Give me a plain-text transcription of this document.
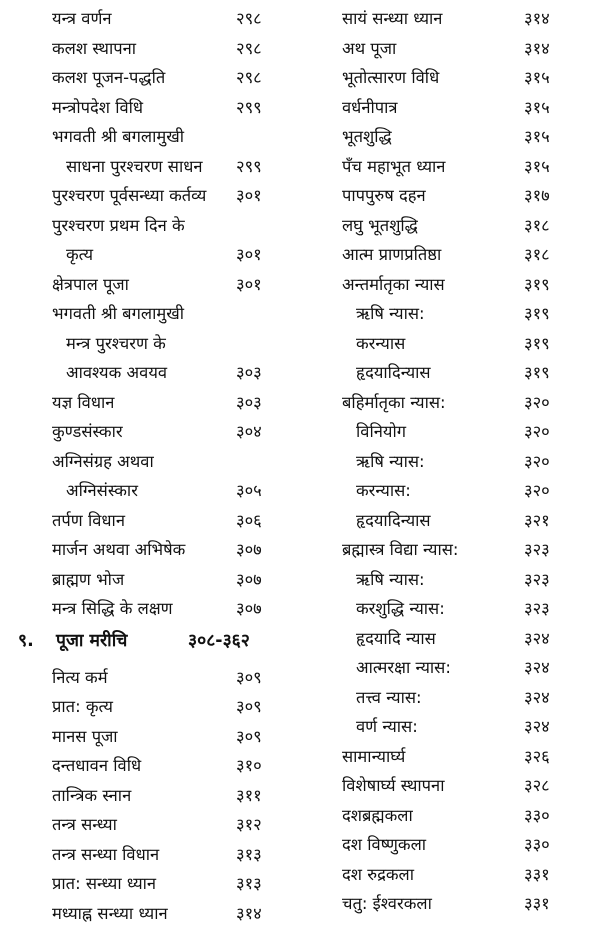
यन्त्र वर्णन	२९८
कलश स्थापना	२९८
कलश पूजन-पद्धति	२९८
मन्त्रोपदेश विधि	२९९
भगवती श्री बगलामुखी
साधना पुरश्चरण साधन २९९
पुरश्चरण पूर्वसन्ध्या कर्तव्य ३०१
पुरश्चरण प्रथम दिन के
कृत्य	३०१
क्षेत्रपाल पूजा	३०१
भगवती श्री बगलामुखी
मन्त्र पुरश्चरण के
आवश्यक अवयव	३०३
यज्ञ विधान	३०३
कुण्डसंस्कार	३०४
अग्निसंग्रह अथवा
अग्निसंस्कार	३०५
तर्पण विधान	३०६
मार्जन अथवा अभिषेक	३०७
ब्राह्मण भोज	३०७
मन्त्र सिद्धि के लक्षण	३०७
९. पूजा मरीचि	३०८-३६२
नित्य कर्म	३०९
प्रात: कृत्य	३०९
मानस पूजा	३०९
दन्तधावन विधि	३१०
तान्त्रिक स्नान	३११
तन्त्र सन्ध्या	३१२
तन्त्र सन्ध्या विधान	३१३
प्रात: सन्ध्या ध्यान	३१३
मध्याह्न सन्ध्या ध्यान	३१४
सायं सन्ध्या ध्यान	३१४
अथ पूजा	३१४
भूतोत्सारण विधि	३१५
वर्धनीपात्र	३१५
भूतशुद्धि	३१५
पँच महाभूत ध्यान	३१५
पापपुरुष दहन	३१७
लघु भूतशुद्धि	३१८
आत्म प्राणप्रतिष्ठा	३१८
अन्तर्मातृका न्यास	३१९
ऋषि न्यास:	३१९
करन्यास	३१९
हृदयादिन्यास	३१९
बहिर्मातृका न्यास:	३२०
विनियोग	३२०
ऋषि न्यास:	३२०
करन्यास:	३२०
हृदयादिन्यास	३२१
ब्रह्मास्त्र विद्या न्यास:	३२३
ऋषि न्यास:	३२३
करशुद्धि न्यास:	३२३
हृदयादि न्यास	३२४
आत्मरक्षा न्यास:	३२४
तत्त्व न्यास:	३२४
वर्ण न्यास:	३२४
सामान्यार्घ्य	३२६
विशेषार्घ्य स्थापना	३२८
दशब्रह्मकला	३३०
दश विष्णुकला	३३०
दश रुद्रकला	३३१
चतु: ईश्वरकला	३३१
